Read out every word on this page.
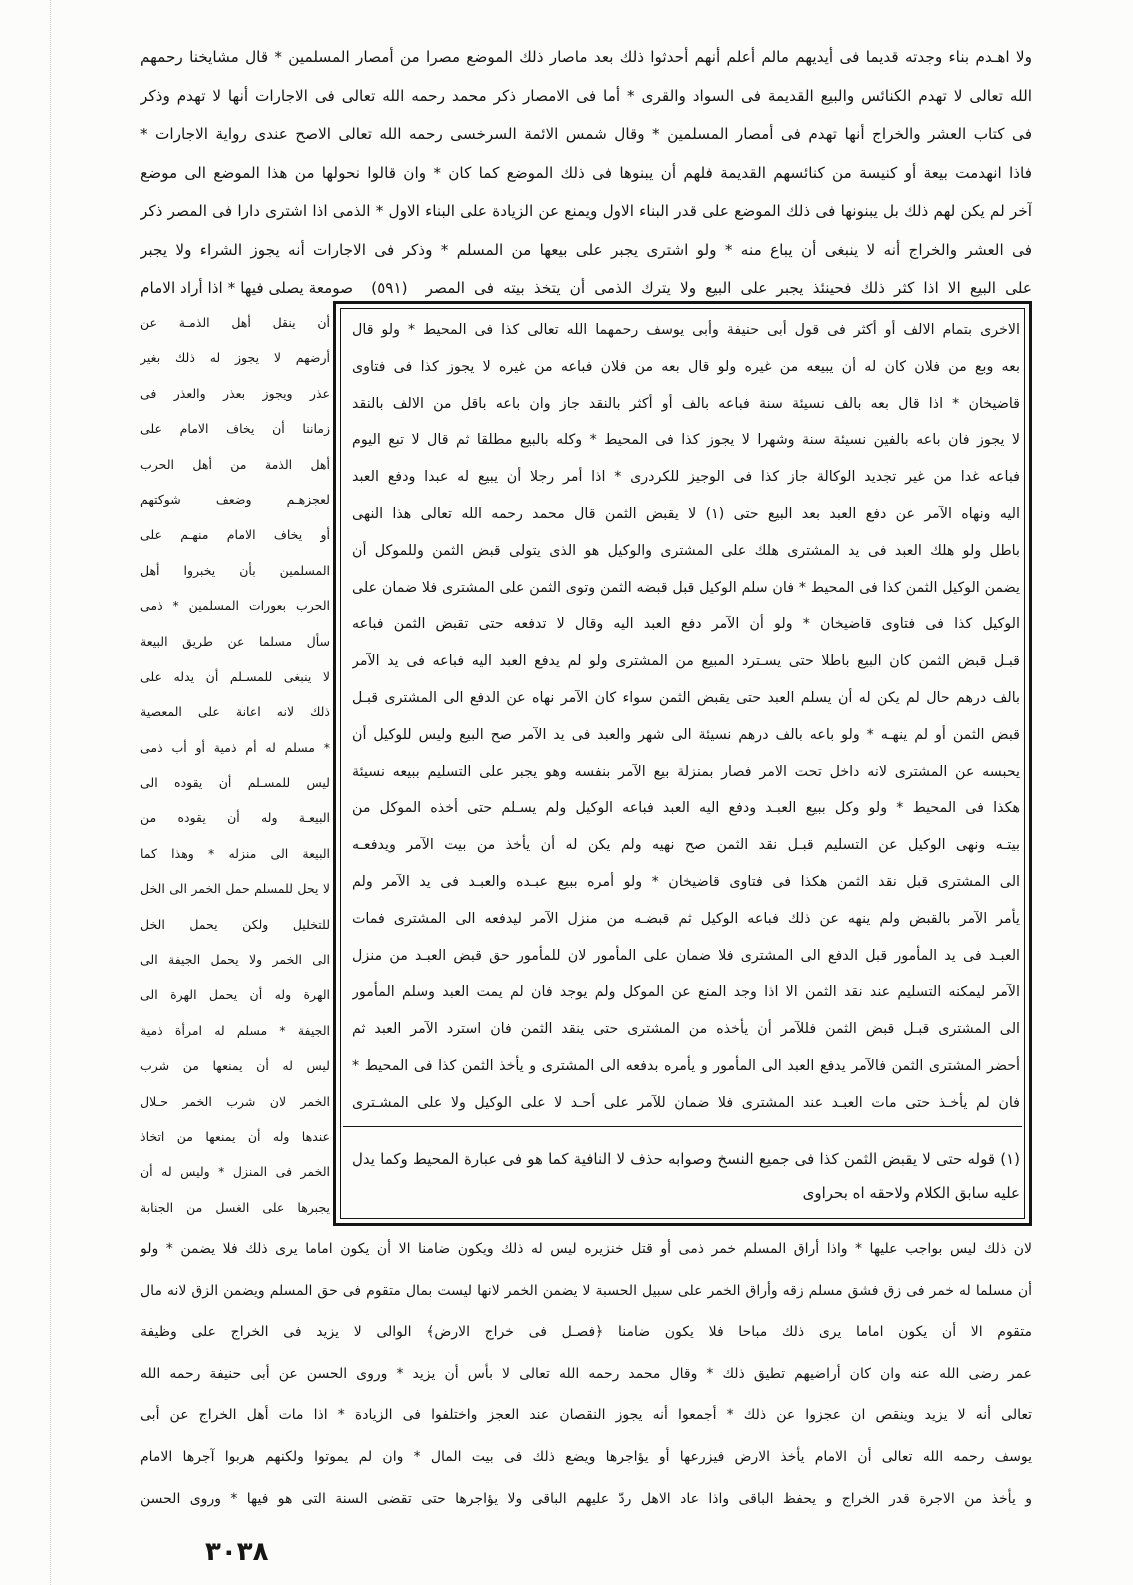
ولا اهـدم بناء وجدته قديما فى أيديهم مالم أعلم أنهم أحدثوا ذلك بعد ماصار ذلك الموضع مصرا من أمصار المسلمين * قال مشايخنا رحمهم
الله تعالى لا تهدم الكنائس والبيع القديمة فى السواد والقرى * أما فى الامصار ذكر محمد رحمه الله تعالى فى الاجارات أنها لا تهدم وذكر
فى كتاب العشر والخراج أنها تهدم فى أمصار المسلمين * وقال شمس الائمة السرخسى رحمه الله تعالى الاصح عندى رواية الاجارات *
فاذا انهدمت بيعة أو كنيسة من كنائسهم القديمة فلهم أن يبنوها فى ذلك الموضع كما كان * وان قالوا نحولها من هذا الموضع الى موضع
آخر لم يكن لهم ذلك بل يبنونها فى ذلك الموضع على قدر البناء الاول ويمنع عن الزيادة على البناء الاول * الذمى اذا اشترى دارا فى المصر ذكر
فى العشر والخراج أنه لا ينبغى أن يباع منه * ولو اشترى يجبر على بيعها من المسلم * وذكر فى الاجارات أنه يجوز الشراء ولا يجبر
على البيع الا اذا كثر ذلك فحينئذ يجبر على البيع ولا يترك الذمى أن يتخذ بيته فى المصر
(٥٩١)
صومعة يصلى فيها * اذا أراد الامام
أن ينقل أهل الذمـة عن
أرضهم لا يجوز له ذلك بغير
عذر ويجوز بعذر والعذر فى
زماننا أن يخاف الامام على
أهل الذمة من أهل الحرب
لعجزهـم وضعف شوكتهم
أو يخاف الامام منهـم على
المسلمين بأن يخبروا أهل
الحرب بعورات المسلمين * ذمى
سأل مسلما عن طريق البيعة
لا ينبغى للمسـلم أن يدله على
ذلك لانه اعانة على المعصية
* مسلم له أم ذمية أو أب ذمى
ليس للمسـلم أن يقوده الى
البيعـة وله أن يقوده من
البيعة الى منزله * وهذا كما
لا يحل للمسلم حمل الخمر الى الخل
للتخليل ولكن يحمل الخل
الى الخمر ولا يحمل الجيفة الى
الهرة وله أن يحمل الهرة الى
الجيفة * مسلم له امرأة ذمية
ليس له أن يمنعها من شرب
الخمر لان شرب الخمر حـلال
عندها وله أن يمنعها من اتخاذ
الخمر فى المنزل * وليس له أن
يجبرها على الغسل من الجنابة
الاخرى بتمام الالف أو أكثر فى قول أبى حنيفة وأبى يوسف رحمهما الله تعالى كذا فى المحيط * ولو قال
بعه وبع من فلان كان له أن يبيعه من غيره ولو قال بعه من فلان فباعه من غيره لا يجوز كذا فى فتاوى
قاضيخان * اذا قال بعه بالف نسيئة سنة فباعه بالف أو أكثر بالنقد جاز وان باعه باقل من الالف بالنقد
لا يجوز فان باعه بالفين نسيئة سنة وشهرا لا يجوز كذا فى المحيط * وكله بالبيع مطلقا ثم قال لا تبع اليوم
فباعه غدا من غير تجديد الوكالة جاز كذا فى الوجيز للكردرى * اذا أمر رجلا أن يبيع له عبدا ودفع العبد
اليه ونهاه الآمر عن دفع العبد بعد البيع حتى (١) لا يقبض الثمن قال محمد رحمه الله تعالى هذا النهى
باطل ولو هلك العبد فى يد المشترى هلك على المشترى والوكيل هو الذى يتولى قبض الثمن وللموكل أن
يضمن الوكيل الثمن كذا فى المحيط * فان سلم الوكيل قبل قبضه الثمن وتوى الثمن على المشترى فلا ضمان على
الوكيل كذا فى فتاوى قاضيخان * ولو أن الآمر دفع العبد اليه وقال لا تدفعه حتى تقبض الثمن فباعه
قبـل قبض الثمن كان البيع باطلا حتى يسـترد المبيع من المشترى ولو لم يدفع العبد اليه فباعه فى يد الآمر
بالف درهم حال لم يكن له أن يسلم العبد حتى يقبض الثمن سواء كان الآمر نهاه عن الدفع الى المشترى قبـل
قبض الثمن أو لم ينهـه * ولو باعه بالف درهم نسيئة الى شهر والعبد فى يد الآمر صح البيع وليس للوكيل أن
يحبسه عن المشترى لانه داخل تحت الامر فصار بمنزلة بيع الآمر بنفسه وهو يجبر على التسليم ببيعه نسيئة
هكذا فى المحيط * ولو وكل ببيع العبـد ودفع اليه العبد فباعه الوكيل ولم يسـلم حتى أخذه الموكل من
بيتـه ونهى الوكيل عن التسليم قبـل نقد الثمن صح نهيه ولم يكن له أن يأخذ من بيت الآمر ويدفعـه
الى المشترى قبل نقد الثمن هكذا فى فتاوى قاضيخان * ولو أمره ببيع عبـده والعبـد فى يد الآمر ولم
يأمر الآمر بالقبض ولم ينهه عن ذلك فباعه الوكيل ثم قبضـه من منزل الآمر ليدفعه الى المشترى فمات
العبـد فى يد المأمور قبل الدفع الى المشترى فلا ضمان على المأمور لان للمأمور حق قبض العبـد من منزل
الآمر ليمكنه التسليم عند نقد الثمن الا اذا وجد المنع عن الموكل ولم يوجد فان لم يمت العبد وسلم المأمور
الى المشترى قبـل قبض الثمن فللآمر أن يأخذه من المشترى حتى ينقد الثمن فان استرد الآمر العبد ثم
أحضر المشترى الثمن فالآمر يدفع العبد الى المأمور و يأمره بدفعه الى المشترى و يأخذ الثمن كذا فى المحيط *
فان لم يأخـذ حتى مات العبـد عند المشترى فلا ضمان للآمر على أحـد لا على الوكيل ولا على المشـترى
(١) قوله حتى لا يقبض الثمن كذا فى جميع النسخ وصوابه حذف لا النافية كما هو فى عبارة المحيط وكما يدل
عليه سابق الكلام ولاحقه اه بحراوى
لان ذلك ليس بواجب عليها * واذا أراق المسلم خمر ذمى أو قتل خنزيره ليس له ذلك ويكون ضامنا الا أن يكون اماما يرى ذلك فلا يضمن * ولو
أن مسلما له خمر فى زق فشق مسلم زقه وأراق الخمر على سبيل الحسبة لا يضمن الخمر لانها ليست بمال متقوم فى حق المسلم ويضمن الزق لانه مال
متقوم الا أن يكون اماما يرى ذلك مباحا فلا يكون ضامنا ﴿فصـل فى خراج الارض﴾ الوالى لا يزيد فى الخراج على وظيفة
عمر رضى الله عنه وان كان أراضيهم تطيق ذلك * وقال محمد رحمه الله تعالى لا بأس أن يزيد * وروى الحسن عن أبى حنيفة رحمه الله
تعالى أنه لا يزيد وينقص ان عجزوا عن ذلك * أجمعوا أنه يجوز النقصان عند العجز واختلفوا فى الزيادة * اذا مات أهل الخراج عن أبى
يوسف رحمه الله تعالى أن الامام يأخذ الارض فيزرعها أو يؤاجرها ويضع ذلك فى بيت المال * وان لم يموتوا ولكنهم هربوا آجرها الامام
و يأخذ من الاجرة قدر الخراج و يحفظ الباقى واذا عاد الاهل ردّ عليهم الباقى ولا يؤاجرها حتى تقضى السنة التى هو فيها * وروى الحسن
٣٠٣٨
